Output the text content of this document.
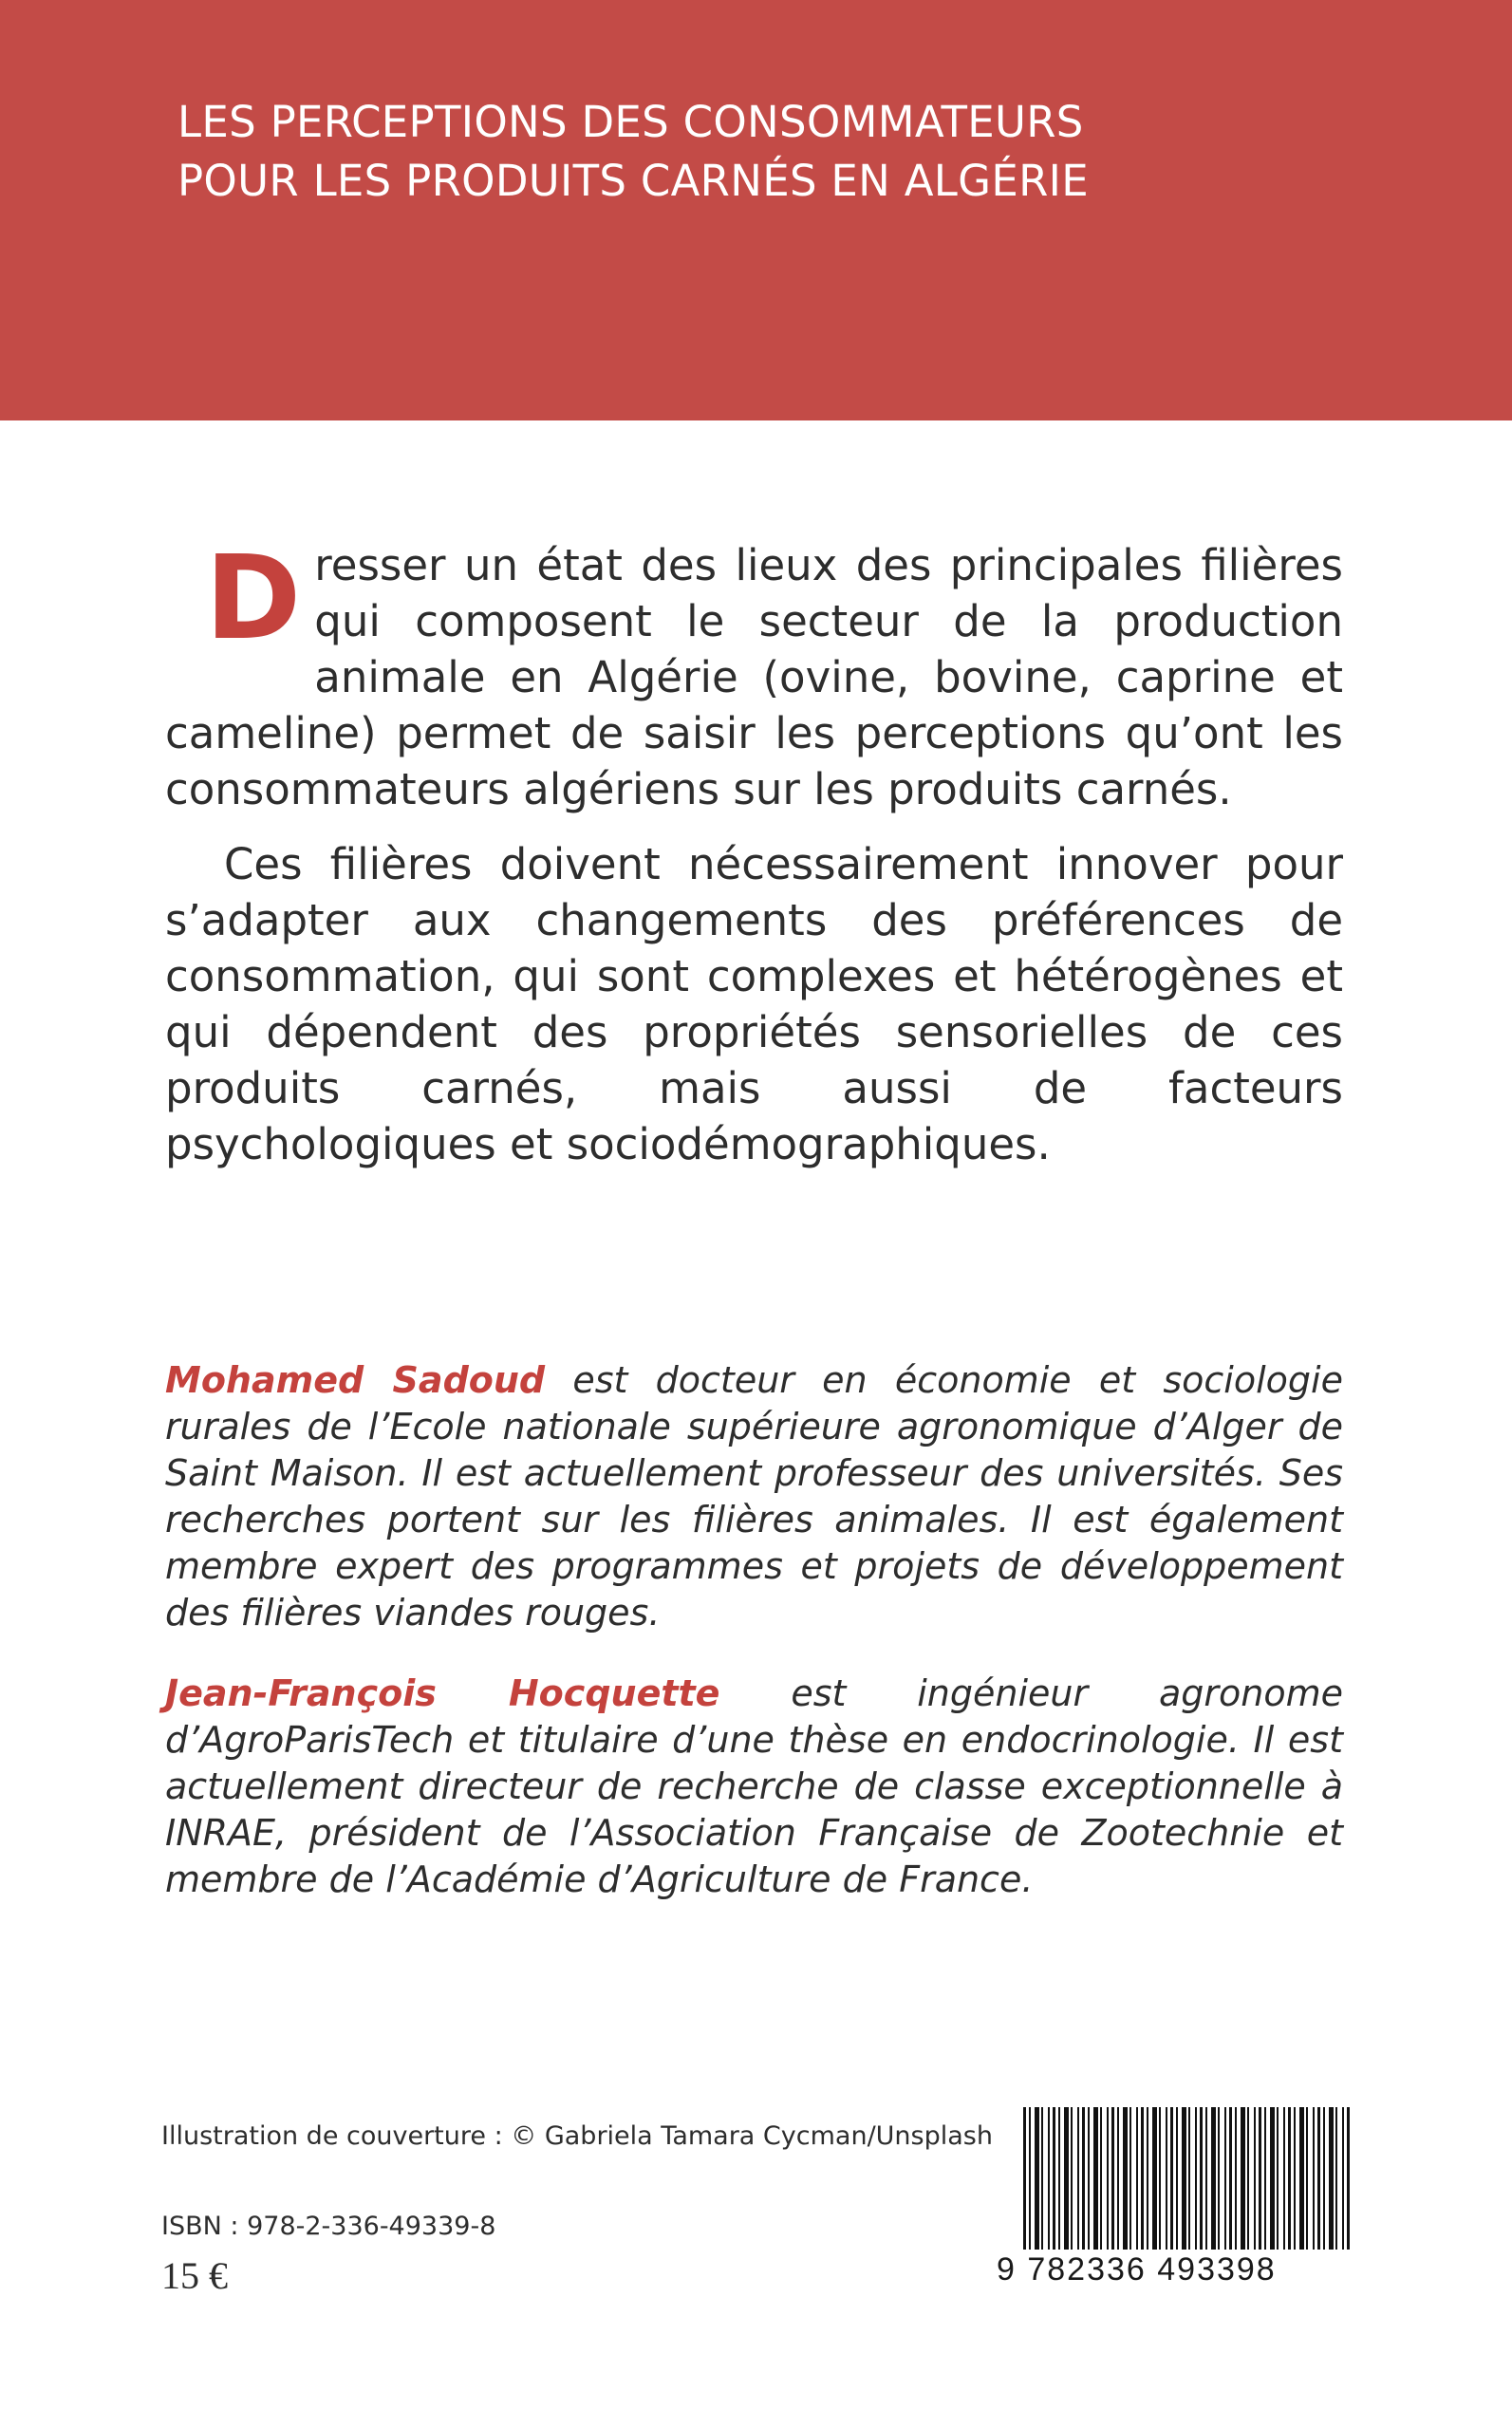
LES PERCEPTIONS DES CONSOMMATEURS
POUR LES PRODUITS CARNÉS EN ALGÉRIE

Dresser un état des lieux des principales filières qui composent le secteur de la production animale en Algérie (ovine, bovine, caprine et cameline) permet de saisir les perceptions qu’ont les consommateurs algériens sur les produits carnés.

Ces filières doivent nécessairement innover pour s’adapter aux changements des préférences de consommation, qui sont complexes et hétérogènes et qui dépendent des propriétés sensorielles de ces produits carnés, mais aussi de facteurs psychologiques et sociodémographiques.

Mohamed Sadoud est docteur en économie et sociologie rurales de l’Ecole nationale supérieure agronomique d’Alger de Saint Maison. Il est actuellement professeur des universités. Ses recherches portent sur les filières animales. Il est également membre expert des programmes et projets de développement des filières viandes rouges.

Jean-François Hocquette est ingénieur agronome d’AgroParisTech et titulaire d’une thèse en endocrinologie. Il est actuellement directeur de recherche de classe exceptionnelle à INRAE, président de l’Association Française de Zootechnie et membre de l’Académie d’Agriculture de France.

Illustration de couverture : © Gabriela Tamara Cycman/Unsplash
ISBN : 978-2-336-49339-8
15 €	9 782336 493398
